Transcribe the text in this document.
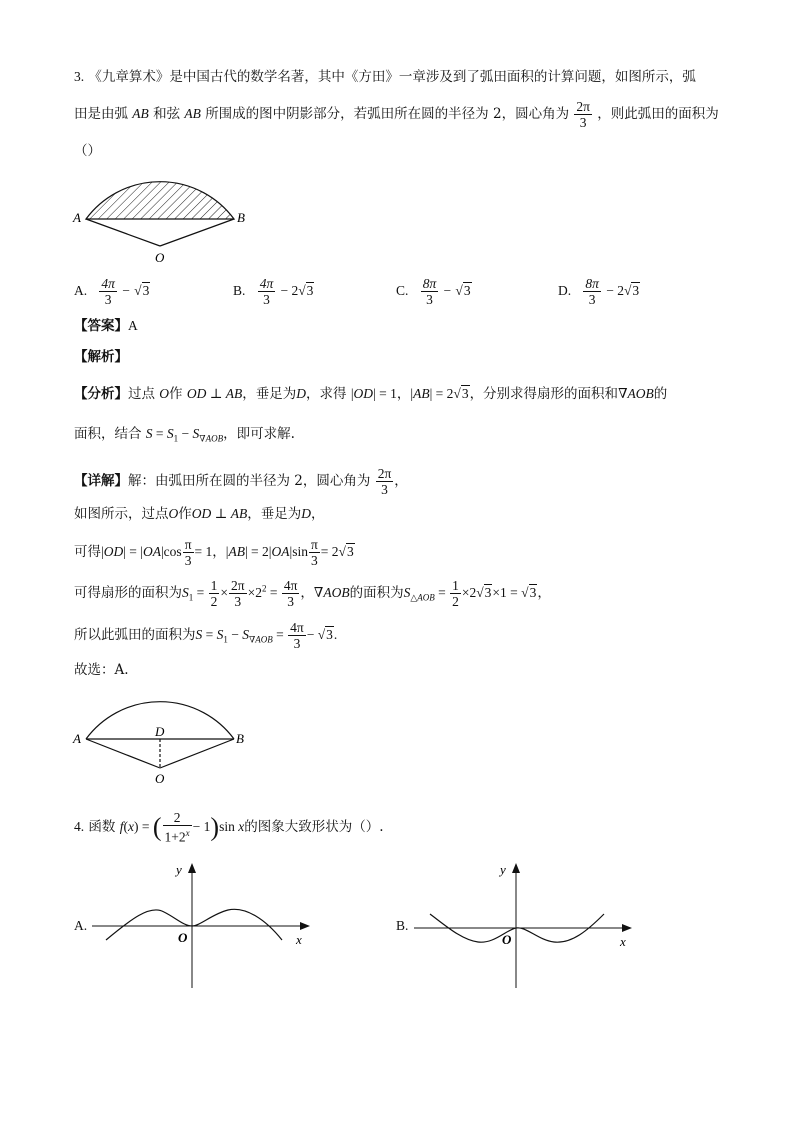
3. 《九章算术》是中国古代的数学名著，其中《方田》一章涉及到了弧田面积的计算问题，如图所示，弧
田是由弧 AB 和弦 AB 所围成的图中阴影部分，若弧田所在圆的半径为 2，圆心角为 $\frac{2\pi}{3}$ ，则此弧田的面积为
（）
A	B
O
A. $\frac{4\pi}{3} - √3$	B. $\frac{4\pi}{3} - 2√3$	C. $\frac{8\pi}{3} - √3$	D. $\frac{8\pi}{3} - 2√3$
【答案】A
【解析】
【分析】过点 O作 OD ⊥ AB，垂足为D，求得 |OD| = 1，|AB| = 2√3，分别求得扇形的面积和∇AOB的
面积，结合 $S = S_1 - S_{\nabla AOB}$，即可求解.
【详解】解：由弧田所在圆的半径为 2，圆心角为 $\frac{2\pi}{3}$ ，
如图所示，过点O作OD ⊥ AB，垂足为D，
可得$|OD| = |OA|\cos \frac{\pi}{3} = 1$，$|AB| = 2|OA|\sin \frac{\pi}{3} = 2√3$
可得扇形的面积为$S_1 = \frac{1}{2} \times \frac{2\pi}{3} \times 2^2 = \frac{4\pi}{3}$ ，∇AOB的面积为$S_{\triangle AOB} = \frac{1}{2} \times 2√3\times 1 = √3$，
所以此弧田的面积为$S = S_1 - S_{\nabla AOB} = \frac{4\pi}{3} - √3$.
故选：A.
A	B
D
O
4. 函数 f(x) = ( $\frac{2}{1+2^x} - 1)\sin$ x的图象大致形状为（）.
A.
y
x
O
B.
y
x
O
